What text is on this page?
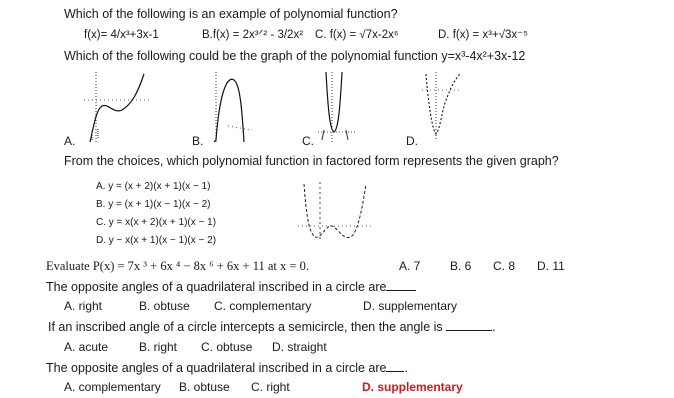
Which of the following is an example of polynomial function?
f(x)= 4/x³+3x-1	B.f(x) = 2x³ᐟ² - 3/2x² C. f(x) = √7x-2x⁶	D. f(x) = x³+√3x⁻⁵
Which of the following could be the graph of the polynomial function y=x³-4x²+3x-12
A.	B.	C.	D.
From the choices, which polynomial function in factored form represents the given graph?
A. y = (x + 2)(x + 1)(x − 1)
B. y = (x + 1)(x − 1)(x − 2)
C. y = x(x + 2)(x + 1)(x − 1)
D. y − x(x + 1)(x − 1)(x − 2)
Evaluate P(x) = 7x ³ + 6x ⁴ − 8x ⁶ + 6x + 11 at x = 0.	A. 7 B. 6 C. 8 D. 11
The opposite angles of a quadrilateral inscribed in a circle are
A. right	B. obtuse C. complementary	D. supplementary
If an inscribed angle of a circle intercepts a semicircle, then the angle is	.
A. acute	B. right C. obtuse D. straight
The opposite angles of a quadrilateral inscribed in a circle are .
A. complementary B. obtuse C. right	D. supplementary
